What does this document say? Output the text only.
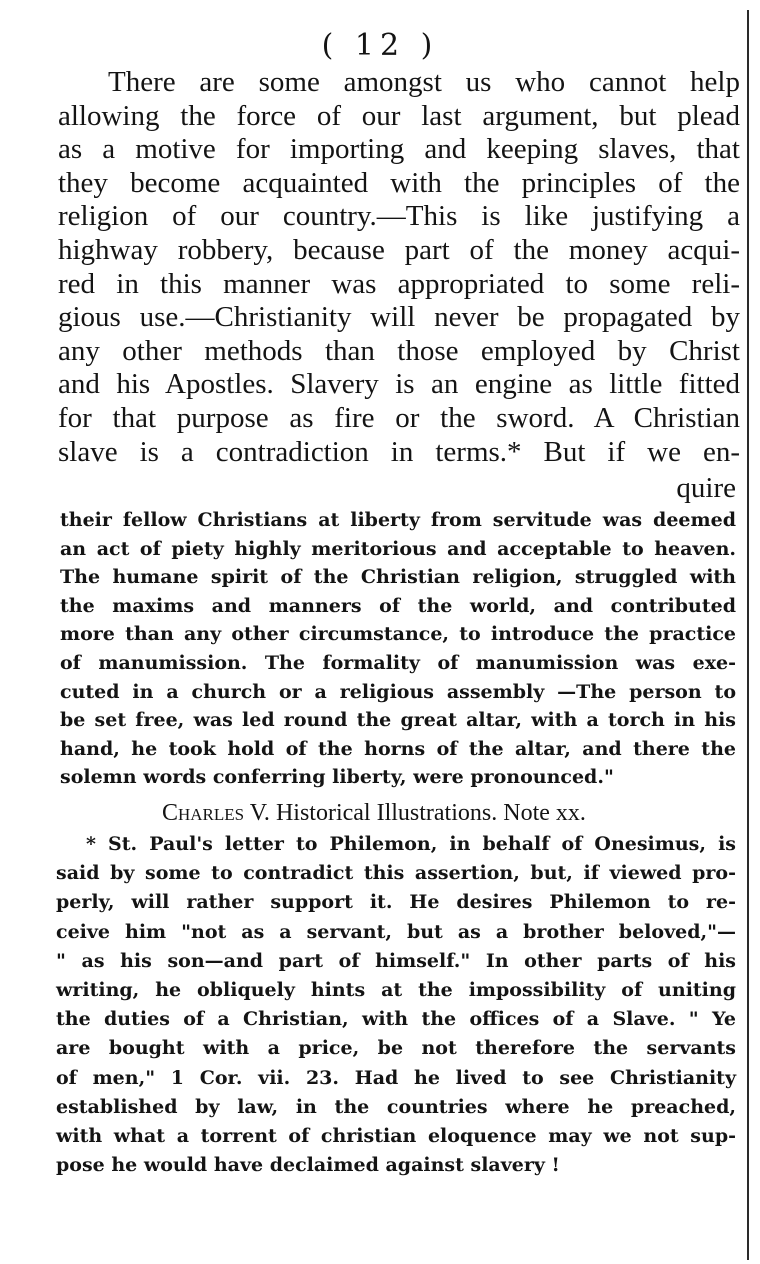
( 12 )
There are some amongst us who cannot help
allowing the force of our last argument, but plead
as a motive for importing and keeping slaves, that
they become acquainted with the principles of the
religion of our country.—This is like justifying a
highway robbery, because part of the money acqui-
red in this manner was appropriated to some reli-
gious use.—Christianity will never be propagated by
any other methods than those employed by Christ
and his Apostles. Slavery is an engine as little fitted
for that purpose as fire or the sword. A Christian
slave is a contradiction in terms.* But if we en-
quire
their fellow Christians at liberty from servitude was deemed
an act of piety highly meritorious and acceptable to heaven.
The humane spirit of the Christian religion, struggled with
the maxims and manners of the world, and contributed
more than any other circumstance, to introduce the practice
of manumission. The formality of manumission was exe-
cuted in a church or a religious assembly —The person to
be set free, was led round the great altar, with a torch in his
hand, he took hold of the horns of the altar, and there the
solemn words conferring liberty, were pronounced."
Charles V. Historical Illustrations. Note xx.
* St. Paul's letter to Philemon, in behalf of Onesimus, is
said by some to contradict this assertion, but, if viewed pro-
perly, will rather support it. He desires Philemon to re-
ceive him "not as a servant, but as a brother beloved,"—
" as his son—and part of himself." In other parts of his
writing, he obliquely hints at the impossibility of uniting
the duties of a Christian, with the offices of a Slave. " Ye
are bought with a price, be not therefore the servants
of men," 1 Cor. vii. 23. Had he lived to see Christianity
established by law, in the countries where he preached,
with what a torrent of christian eloquence may we not sup-
pose he would have declaimed against slavery !
